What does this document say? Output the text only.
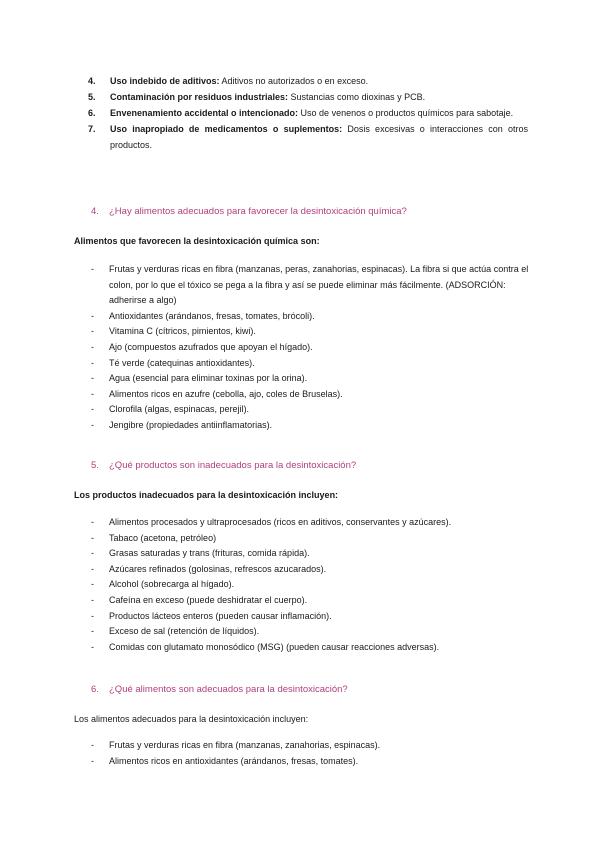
4.	Uso indebido de aditivos: Aditivos no autorizados o en exceso.
5.	Contaminación por residuos industriales: Sustancias como dioxinas y PCB.
6.	Envenenamiento accidental o intencionado: Uso de venenos o productos químicos para sabotaje.
7.	Uso inapropiado de medicamentos o suplementos: Dosis excesivas o interacciones con otros productos.
4.	¿Hay alimentos adecuados para favorecer la desintoxicación química?
Alimentos que favorecen la desintoxicación química son:
-	Frutas y verduras ricas en fibra (manzanas, peras, zanahorias, espinacas). La fibra si que actúa contra el colon, por lo que el tóxico se pega a la fibra y así se puede eliminar más fácilmente. (ADSORCIÓN: adherirse a algo)
-	Antioxidantes (arándanos, fresas, tomates, brócoli).
-	Vitamina C (cítricos, pimientos, kiwi).
-	Ajo (compuestos azufrados que apoyan el hígado).
-	Té verde (catequinas antioxidantes).
-	Agua (esencial para eliminar toxinas por la orina).
-	Alimentos ricos en azufre (cebolla, ajo, coles de Bruselas).
-	Clorofila (algas, espinacas, perejil).
-	Jengibre (propiedades antiinflamatorias).
5.	¿Qué productos son inadecuados para la desintoxicación?
Los productos inadecuados para la desintoxicación incluyen:
-	Alimentos procesados y ultraprocesados (ricos en aditivos, conservantes y azúcares).
-	Tabaco (acetona, petróleo)
-	Grasas saturadas y trans (frituras, comida rápida).
-	Azúcares refinados (golosinas, refrescos azucarados).
-	Alcohol (sobrecarga al hígado).
-	Cafeína en exceso (puede deshidratar el cuerpo).
-	Productos lácteos enteros (pueden causar inflamación).
-	Exceso de sal (retención de líquidos).
-	Comidas con glutamato monosódico (MSG) (pueden causar reacciones adversas).
6.	¿Qué alimentos son adecuados para la desintoxicación?
Los alimentos adecuados para la desintoxicación incluyen:
-	Frutas y verduras ricas en fibra (manzanas, zanahorias, espinacas).
-	Alimentos ricos en antioxidantes (arándanos, fresas, tomates).
